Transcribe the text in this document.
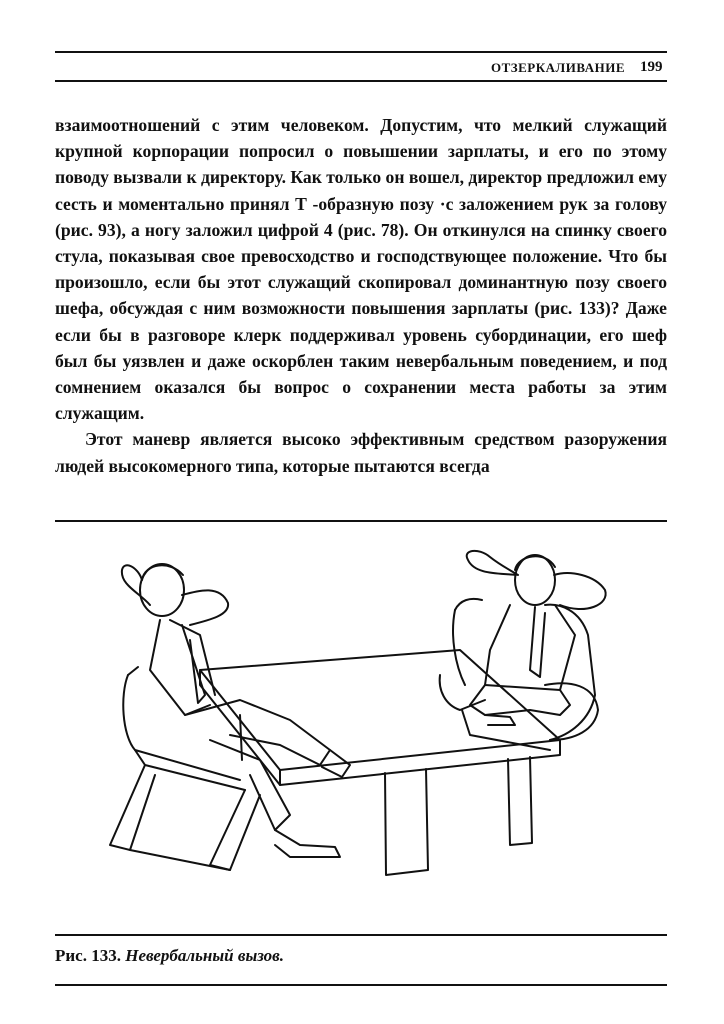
ОТЗЕРКАЛИВАНИЕ 199

взаимоотношений с этим человеком. Допустим, что мелкий служащий крупной корпорации попросил о повышении зарплаты, и его по этому поводу вызвали к директору. Как только он вошел, директор предложил ему сесть и моментально принял Т -образную позу ·с заложением рук за голову (рис. 93), а ногу заложил цифрой 4 (рис. 78). Он откинулся на спинку своего стула, показывая свое превосходство и господствующее положение. Что бы произошло, если бы этот служащий скопировал доминантную позу своего шефа, обсуждая с ним возможности повышения зарплаты (рис. 133)? Даже если бы в разговоре клерк поддерживал уровень субординации, его шеф был бы уязвлен и даже оскорблен таким невербальным поведением, и под сомнением оказался бы вопрос о сохранении места работы за этим служащим.

Этот маневр является высоко эффективным средством разоружения людей высокомерного типа, которые пытаются всегда

Рис. 133. Невербальный вызов.
